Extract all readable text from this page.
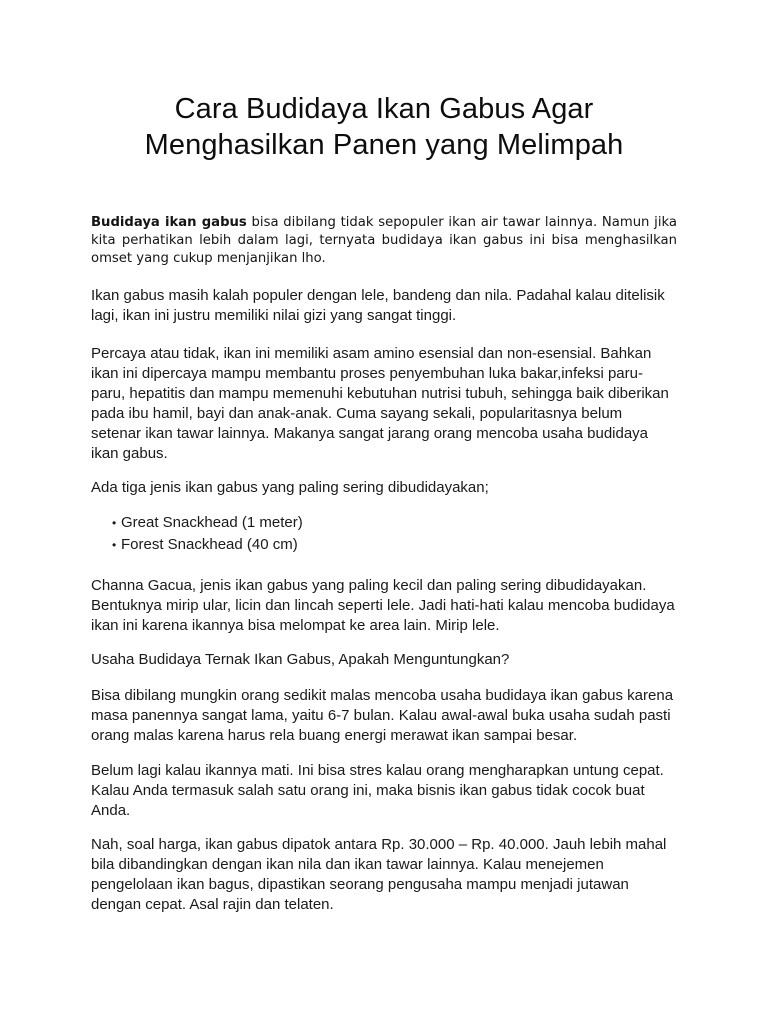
Cara Budidaya Ikan Gabus Agar
Menghasilkan Panen yang Melimpah

Budidaya ikan gabus bisa dibilang tidak sepopuler ikan air tawar lainnya. Namun jika kita perhatikan lebih dalam lagi, ternyata budidaya ikan gabus ini bisa menghasilkan omset yang cukup menjanjikan lho.

Ikan gabus masih kalah populer dengan lele, bandeng dan nila. Padahal kalau ditelisik
lagi, ikan ini justru memiliki nilai gizi yang sangat tinggi.

Percaya atau tidak, ikan ini memiliki asam amino esensial dan non-esensial. Bahkan
ikan ini dipercaya mampu membantu proses penyembuhan luka bakar,infeksi paru-
paru, hepatitis dan mampu memenuhi kebutuhan nutrisi tubuh, sehingga baik diberikan
pada ibu hamil, bayi dan anak-anak. Cuma sayang sekali, popularitasnya belum
setenar ikan tawar lainnya. Makanya sangat jarang orang mencoba usaha budidaya
ikan gabus.

Ada tiga jenis ikan gabus yang paling sering dibudidayakan;

•
Great Snackhead (1 meter)
•
Forest Snackhead (40 cm)

Channa Gacua, jenis ikan gabus yang paling kecil dan paling sering dibudidayakan.
Bentuknya mirip ular, licin dan lincah seperti lele. Jadi hati-hati kalau mencoba budidaya
ikan ini karena ikannya bisa melompat ke area lain. Mirip lele.

Usaha Budidaya Ternak Ikan Gabus, Apakah Menguntungkan?

Bisa dibilang mungkin orang sedikit malas mencoba usaha budidaya ikan gabus karena
masa panennya sangat lama, yaitu 6-7 bulan. Kalau awal-awal buka usaha sudah pasti
orang malas karena harus rela buang energi merawat ikan sampai besar.

Belum lagi kalau ikannya mati. Ini bisa stres kalau orang mengharapkan untung cepat.
Kalau Anda termasuk salah satu orang ini, maka bisnis ikan gabus tidak cocok buat
Anda.

Nah, soal harga, ikan gabus dipatok antara Rp. 30.000 – Rp. 40.000. Jauh lebih mahal
bila dibandingkan dengan ikan nila dan ikan tawar lainnya. Kalau menejemen
pengelolaan ikan bagus, dipastikan seorang pengusaha mampu menjadi jutawan
dengan cepat. Asal rajin dan telaten.
